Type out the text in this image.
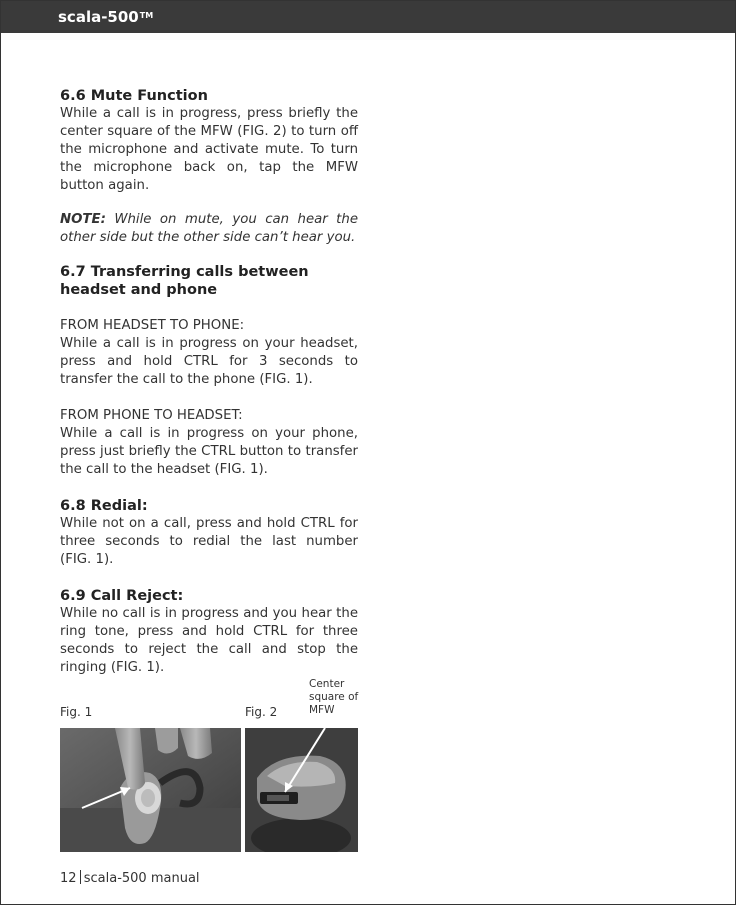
scala-500™
6.6 Mute Function
While a call is in progress, press briefly the center square of the MFW (FIG. 2) to turn off the microphone and activate mute. To turn the microphone back on, tap the MFW button again.
NOTE: While on mute, you can hear the other side but the other side can’t hear you.
6.7 Transferring calls between headset and phone
FROM HEADSET TO PHONE:
While a call is in progress on your headset, press and hold CTRL for 3 seconds to transfer the call to the phone (FIG. 1).
FROM PHONE TO HEADSET:
While a call is in progress on your phone, press just briefly the CTRL button to transfer the call to the headset (FIG. 1).
6.8 Redial:
While not on a call, press and hold CTRL for three seconds to redial the last number (FIG. 1).
6.9 Call Reject:
While no call is in progress and you hear the ring tone, press and hold CTRL for three seconds to reject the call and stop the ringing (FIG. 1).
Fig. 1	Fig. 2
Center
square of
MFW
12 scala-500 manual
